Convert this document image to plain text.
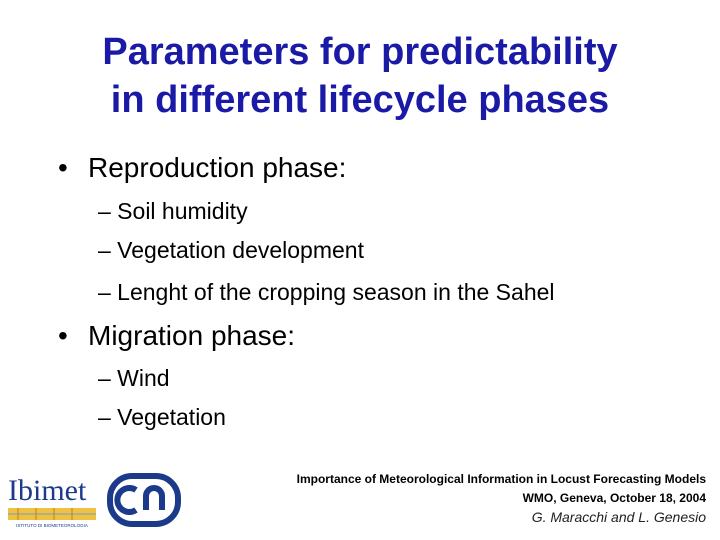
Parameters for predictability
in different lifecycle phases
• Reproduction phase:
– Soil humidity
– Vegetation development
– Lenght of the cropping season in the Sahel
• Migration phase:
– Wind
– Vegetation
Ibimet
ISTITUTO DI BIOMETEOROLOGIA
Importance of Meteorological Information in Locust Forecasting Models
WMO, Geneva, October 18, 2004
G. Maracchi and L. Genesio
